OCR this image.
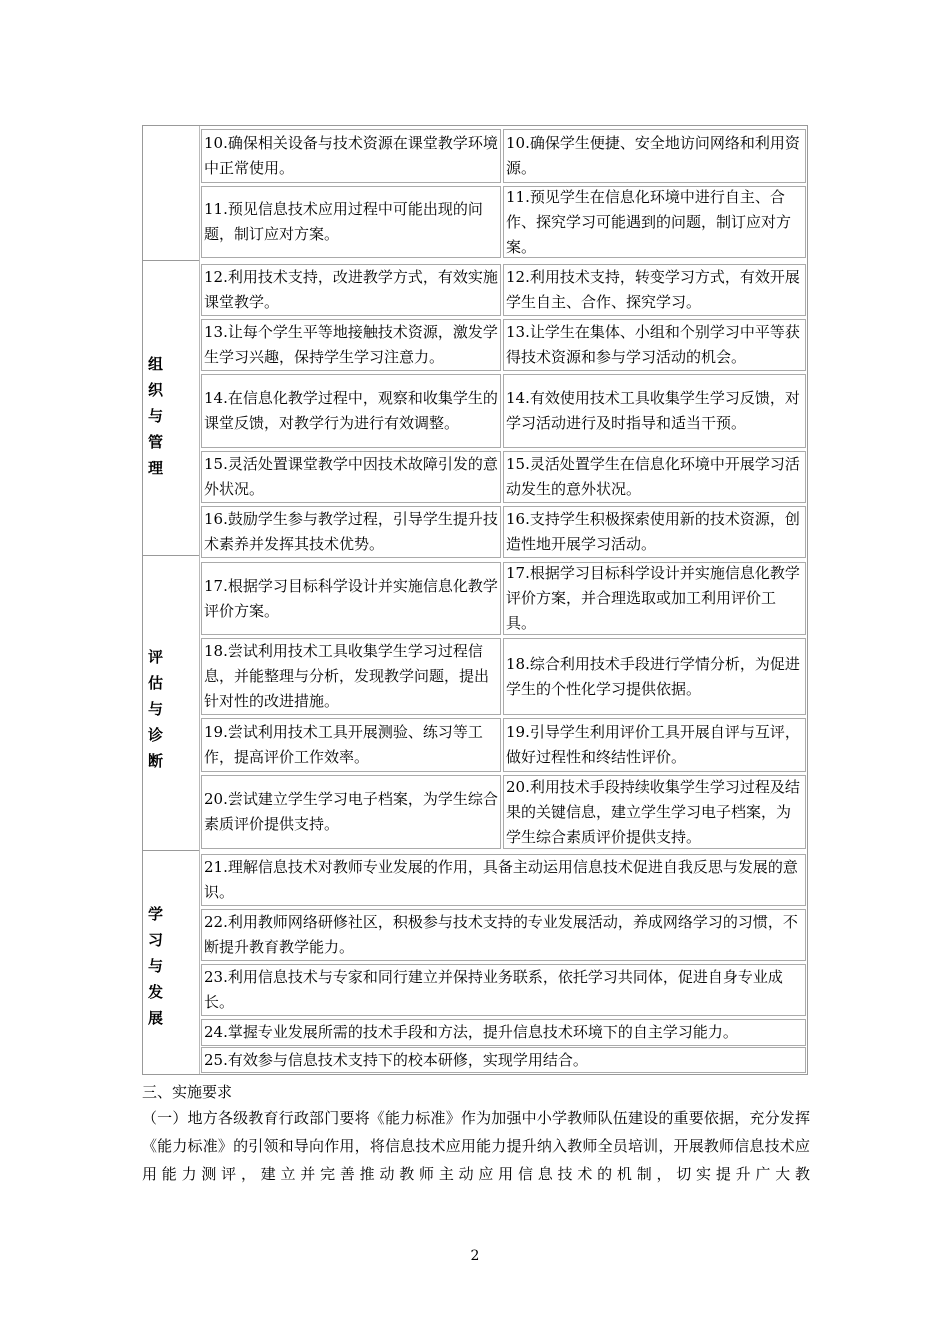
组
织
与
管
理
评
估
与
诊
断
学
习
与
发
展
10.确保相关设备与技术资源在课堂教学环境中正常使用。
10.确保学生便捷、安全地访问网络和利用资源。
11.预见信息技术应用过程中可能出现的问题，制订应对方案。
11.预见学生在信息化环境中进行自主、合作、探究学习可能遇到的问题，制订应对方案。
12.利用技术支持，改进教学方式，有效实施课堂教学。
12.利用技术支持，转变学习方式，有效开展学生自主、合作、探究学习。
13.让每个学生平等地接触技术资源，激发学生学习兴趣，保持学生学习注意力。
13.让学生在集体、小组和个别学习中平等获得技术资源和参与学习活动的机会。
14.在信息化教学过程中，观察和收集学生的课堂反馈，对教学行为进行有效调整。
14.有效使用技术工具收集学生学习反馈，对学习活动进行及时指导和适当干预。
15.灵活处置课堂教学中因技术故障引发的意外状况。
15.灵活处置学生在信息化环境中开展学习活动发生的意外状况。
16.鼓励学生参与教学过程，引导学生提升技术素养并发挥其技术优势。
16.支持学生积极探索使用新的技术资源，创造性地开展学习活动。
17.根据学习目标科学设计并实施信息化教学评价方案。
17.根据学习目标科学设计并实施信息化教学评价方案，并合理选取或加工利用评价工具。
18.尝试利用技术工具收集学生学习过程信息，并能整理与分析，发现教学问题，提出针对性的改进措施。
18.综合利用技术手段进行学情分析，为促进学生的个性化学习提供依据。
19.尝试利用技术工具开展测验、练习等工作，提高评价工作效率。
19.引导学生利用评价工具开展自评与互评，做好过程性和终结性评价。
20.尝试建立学生学习电子档案，为学生综合素质评价提供支持。
20.利用技术手段持续收集学生学习过程及结果的关键信息，建立学生学习电子档案，为学生综合素质评价提供支持。
21.理解信息技术对教师专业发展的作用，具备主动运用信息技术促进自我反思与发展的意识。
22.利用教师网络研修社区，积极参与技术支持的专业发展活动，养成网络学习的习惯，不断提升教育教学能力。
23.利用信息技术与专家和同行建立并保持业务联系，依托学习共同体，促进自身专业成长。
24.掌握专业发展所需的技术手段和方法，提升信息技术环境下的自主学习能力。
25.有效参与信息技术支持下的校本研修，实现学用结合。
三、实施要求
（一）地方各级教育行政部门要将《能力标准》作为加强中小学教师队伍建设的重要依据，充分发挥《能力标准》的引领和导向作用，将信息技术应用能力提升纳入教师全员培训，开展教师信息技术应用能力测评，建立并完善推动教师主动应用信息技术的机制，切实提升广大教
2
